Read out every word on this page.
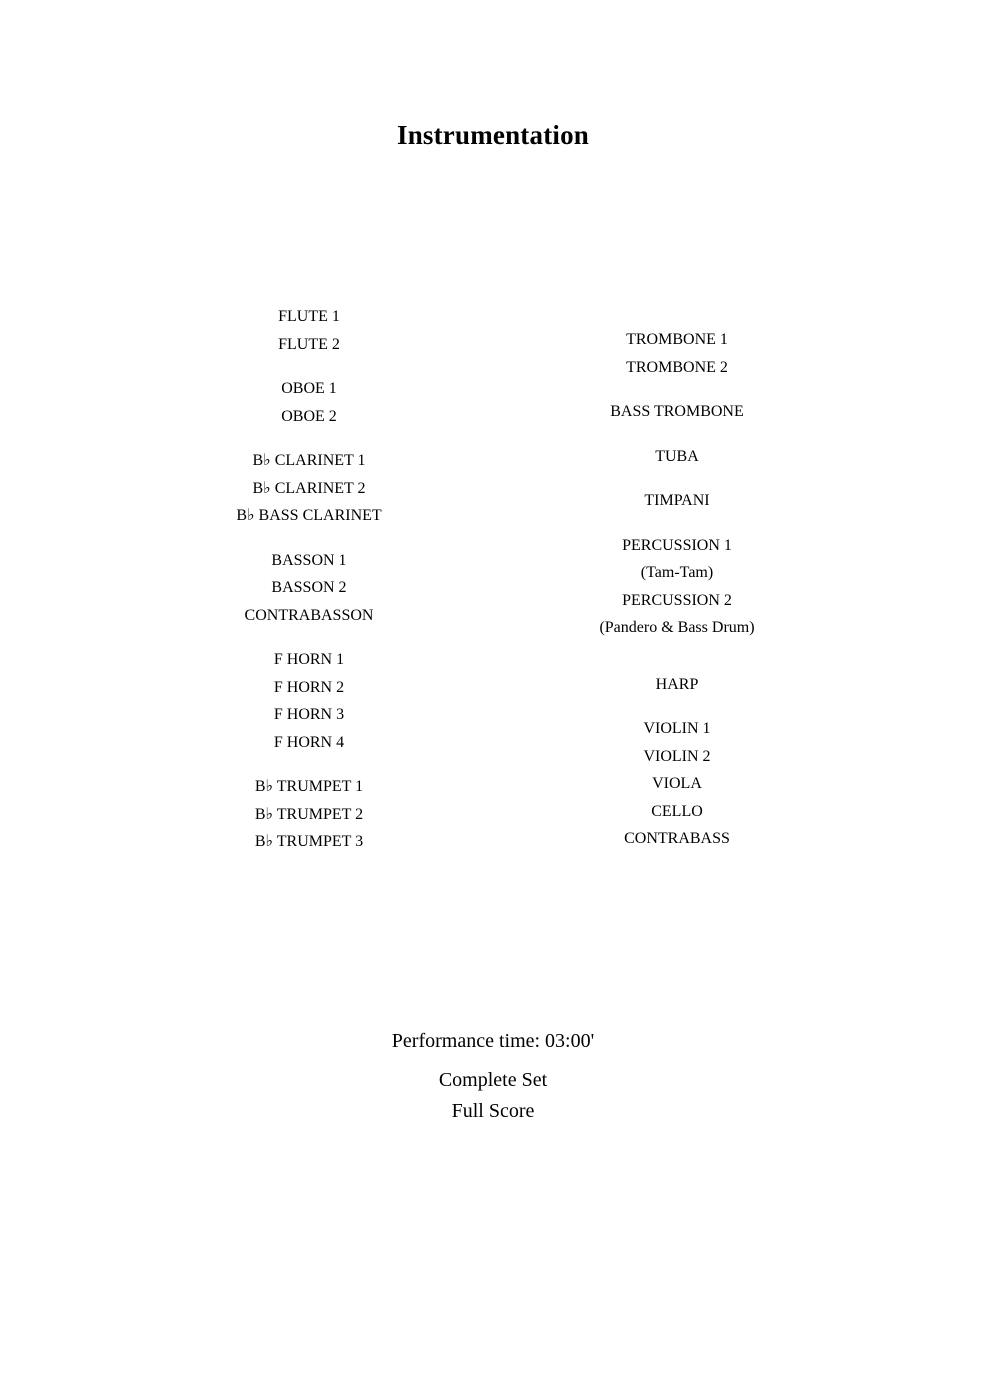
Instrumentation
FLUTE 1
FLUTE 2
OBOE 1
OBOE 2
B♭ CLARINET 1
B♭ CLARINET 2
B♭ BASS CLARINET
BASSON 1
BASSON 2
CONTRABASSON
F HORN 1
F HORN 2
F HORN 3
F HORN 4
B♭ TRUMPET 1
B♭ TRUMPET 2
B♭ TRUMPET 3
TROMBONE 1
TROMBONE 2
BASS TROMBONE
TUBA
TIMPANI
PERCUSSION 1
(Tam-Tam)
PERCUSSION 2
(Pandero & Bass Drum)
HARP
VIOLIN 1
VIOLIN 2
VIOLA
CELLO
CONTRABASS
Performance time: 03:00'
Complete Set
Full Score
